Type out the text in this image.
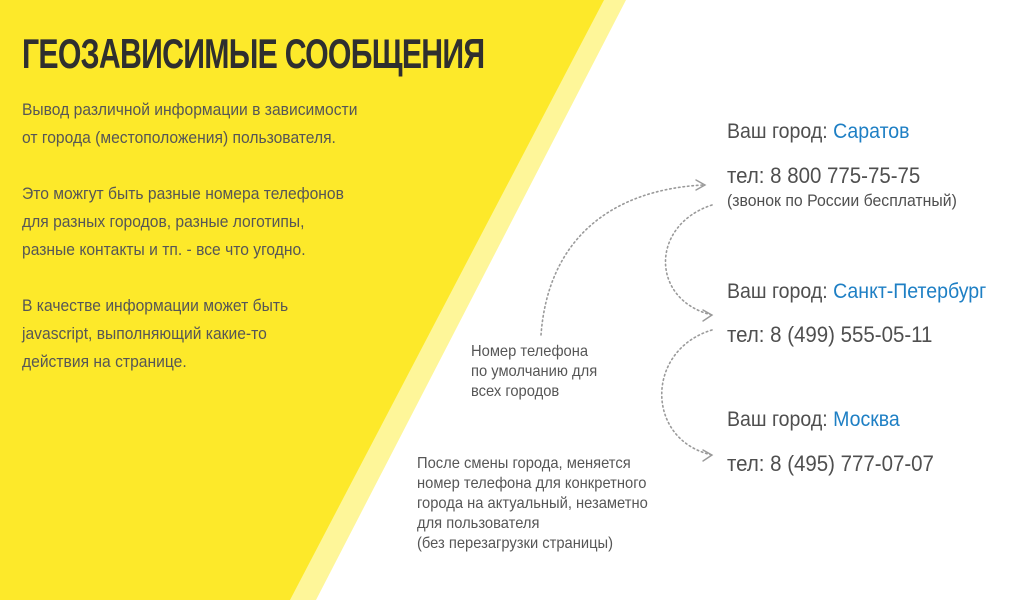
ГЕОЗАВИСИМЫЕ СООБЩЕНИЯ
Вывод различной информации в зависимости
от города (местоположения) пользователя.
Это можгут быть разные номера телефонов
для разных городов, разные логотипы,
разные контакты и тп. - все что угодно.
В качестве информации может быть
javascript, выполняющий какие-то
действия на странице.
Ваш город: Саратов
тел: 8 800 775-75-75
(звонок по России бесплатный)
Ваш город: Санкт-Петербург
тел: 8 (499) 555-05-11
Ваш город: Москва
тел: 8 (495) 777-07-07
Номер телефона
по умолчанию для
всех городов
После смены города, меняется
номер телефона для конкретного
города на актуальный, незаметно
для пользователя
(без перезагрузки страницы)
